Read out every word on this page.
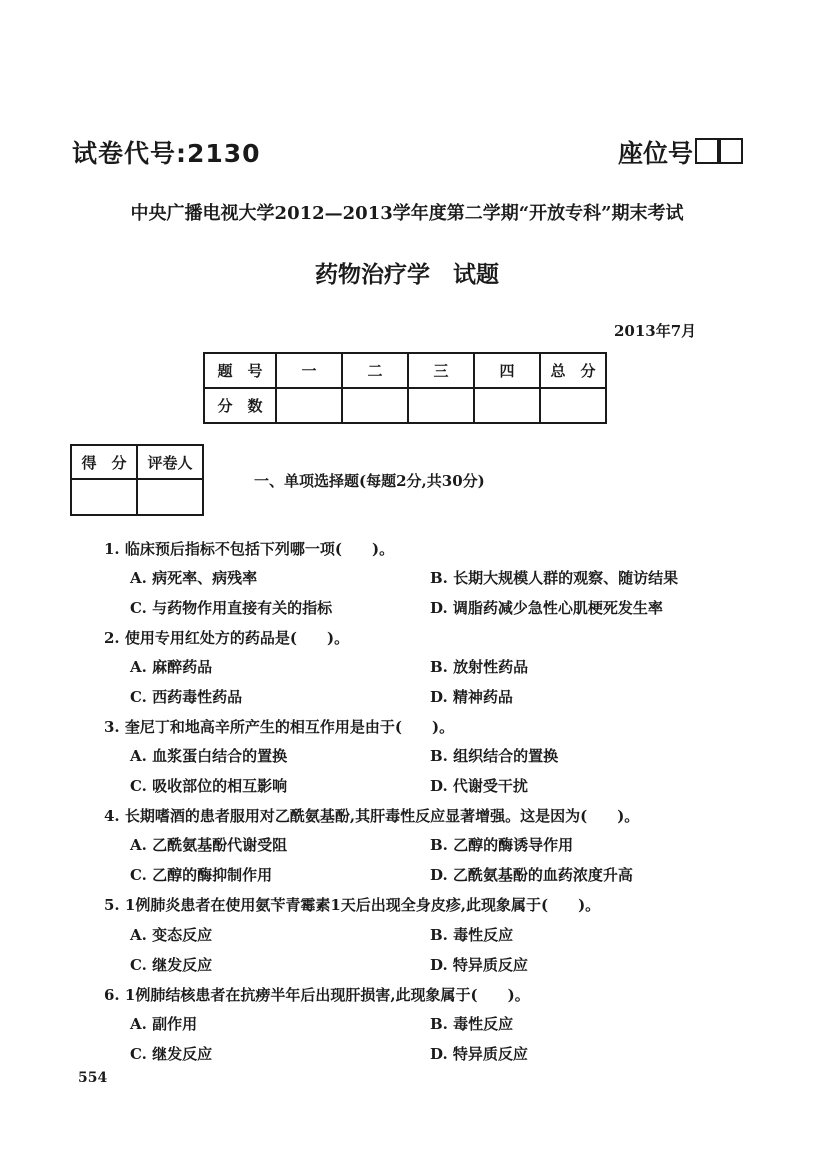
试卷代号:2130	座位号
中央广播电视大学2012—2013学年度第二学期“开放专科”期末考试
药物治疗学　试题
2013年7月
题　号	一	二	三	四	总　分
分　数					
得　分	评卷人

一、单项选择题(每题2分,共30分)
1. 临床预后指标不包括下列哪一项(　　)。
A. 病死率、病残率	B. 长期大规模人群的观察、随访结果
C. 与药物作用直接有关的指标	D. 调脂药减少急性心肌梗死发生率
2. 使用专用红处方的药品是(　　)。
A. 麻醉药品	B. 放射性药品
C. 西药毒性药品	D. 精神药品
3. 奎尼丁和地高辛所产生的相互作用是由于(　　)。
A. 血浆蛋白结合的置换	B. 组织结合的置换
C. 吸收部位的相互影响	D. 代谢受干扰
4. 长期嗜酒的患者服用对乙酰氨基酚,其肝毒性反应显著增强。这是因为(　　)。
A. 乙酰氨基酚代谢受阻	B. 乙醇的酶诱导作用
C. 乙醇的酶抑制作用	D. 乙酰氨基酚的血药浓度升高
5. 1例肺炎患者在使用氨苄青霉素1天后出现全身皮疹,此现象属于(　　)。
A. 变态反应	B. 毒性反应
C. 继发反应	D. 特异质反应
6. 1例肺结核患者在抗痨半年后出现肝损害,此现象属于(　　)。
A. 副作用	B. 毒性反应
C. 继发反应	D. 特异质反应
554
